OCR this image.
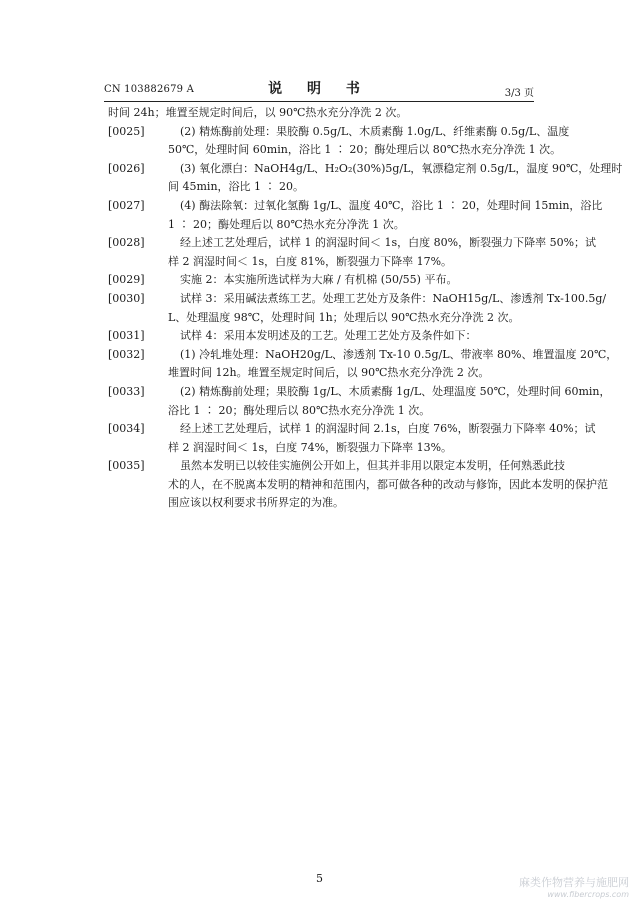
CN 103882679 A	说 明 书	3/3 页
时间 24h；堆置至规定时间后，以 90℃热水充分净洗 2 次。
[0025]	(2) 精炼酶前处理：果胶酶 0.5g/L、木质素酶 1.0g/L、纤维素酶 0.5g/L、温度
50℃，处理时间 60min，浴比 1 ∶ 20；酶处理后以 80℃热水充分净洗 1 次。
[0026]	(3) 氧化漂白：NaOH4g/L、H₂O₂(30%)5g/L，氧漂稳定剂 0.5g/L，温度 90℃，处理时
间 45min，浴比 1 ∶ 20。
[0027]	(4) 酶法除氧：过氧化氢酶 1g/L、温度 40℃，浴比 1 ∶ 20，处理时间 15min，浴比
1 ∶ 20；酶处理后以 80℃热水充分净洗 1 次。
[0028]	经上述工艺处理后，试样 1 的润湿时间＜ 1s，白度 80%，断裂强力下降率 50%；试
样 2 润湿时间＜ 1s，白度 81%，断裂强力下降率 17%。
[0029]	实施 2：本实施所选试样为大麻 / 有机棉 (50/55) 平布。
[0030]	试样 3：采用碱法煮练工艺。处理工艺处方及条件：NaOH15g/L、渗透剂 Tx-100.5g/
L、处理温度 98℃，处理时间 1h；处理后以 90℃热水充分净洗 2 次。
[0031]	试样 4：采用本发明述及的工艺。处理工艺处方及条件如下：
[0032]	(1) 冷轧堆处理：NaOH20g/L、渗透剂 Tx-10 0.5g/L、带液率 80%、堆置温度 20℃，
堆置时间 12h。堆置至规定时间后，以 90℃热水充分净洗 2 次。
[0033]	(2) 精炼酶前处理；果胶酶 1g/L、木质素酶 1g/L、处理温度 50℃，处理时间 60min，
浴比 1 ∶ 20；酶处理后以 80℃热水充分净洗 1 次。
[0034]	经上述工艺处理后，试样 1 的润湿时间 2.1s，白度 76%，断裂强力下降率 40%；试
样 2 润湿时间＜ 1s，白度 74%，断裂强力下降率 13%。
[0035]	虽然本发明已以较佳实施例公开如上，但其并非用以限定本发明，任何熟悉此技
术的人，在不脱离本发明的精神和范围内，都可做各种的改动与修饰，因此本发明的保护范
围应该以权利要求书所界定的为准。
5	麻类作物营养与施肥网
www.fibercrops.com
